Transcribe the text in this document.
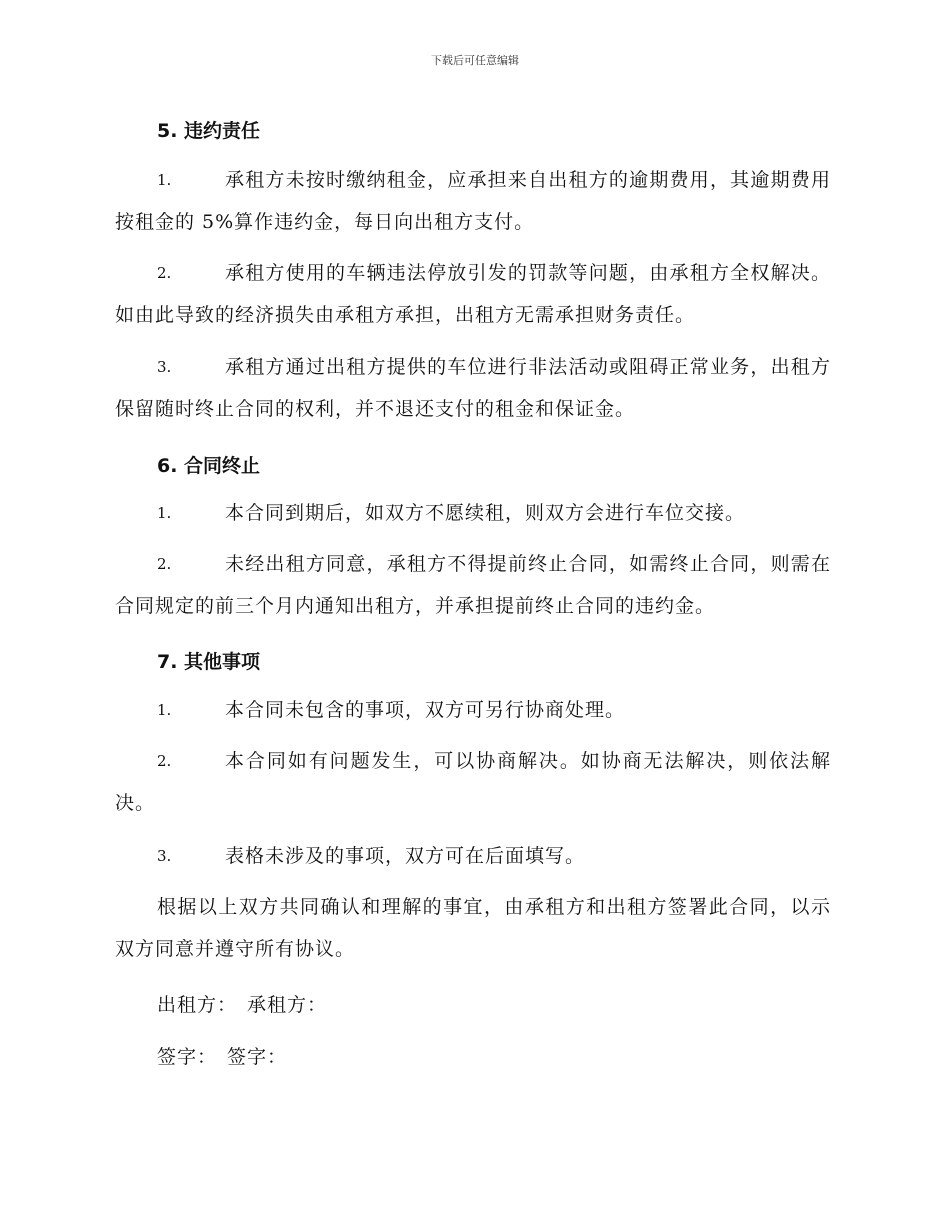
下载后可任意编辑
5. 违约责任
1.	承租方未按时缴纳租金，应承担来自出租方的逾期费用，其逾期费用按租金的 5%算作违约金，每日向出租方支付。
2.	承租方使用的车辆违法停放引发的罚款等问题，由承租方全权解决。如由此导致的经济损失由承租方承担，出租方无需承担财务责任。
3.	承租方通过出租方提供的车位进行非法活动或阻碍正常业务，出租方保留随时终止合同的权利，并不退还支付的租金和保证金。
6. 合同终止
1.	本合同到期后，如双方不愿续租，则双方会进行车位交接。
2.	未经出租方同意，承租方不得提前终止合同，如需终止合同，则需在合同规定的前三个月内通知出租方，并承担提前终止合同的违约金。
7. 其他事项
1.	本合同未包含的事项，双方可另行协商处理。
2.	本合同如有问题发生，可以协商解决。如协商无法解决，则依法解决。
3.	表格未涉及的事项，双方可在后面填写。
根据以上双方共同确认和理解的事宜，由承租方和出租方签署此合同，以示双方同意并遵守所有协议。
出租方： 承租方：
签字： 签字：
